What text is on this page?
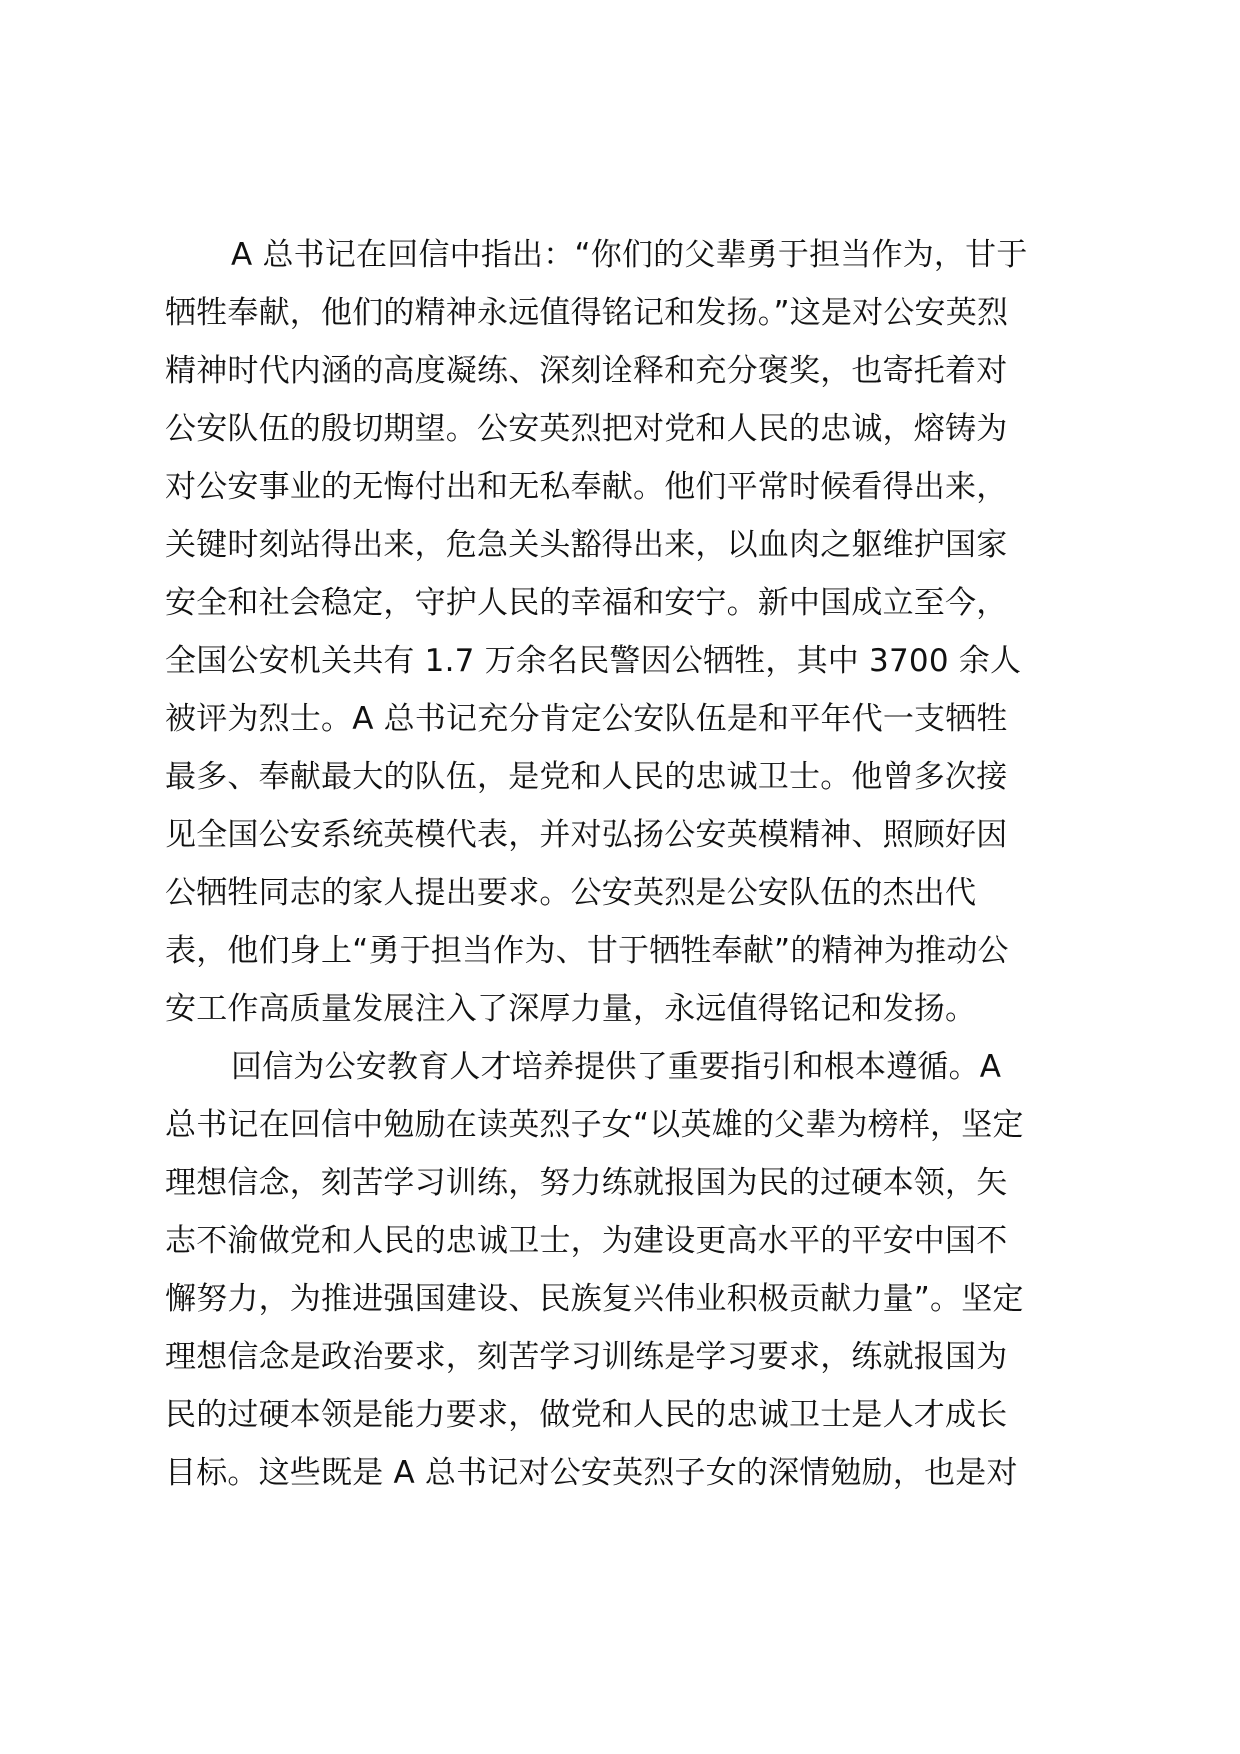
A 总书记在回信中指出：“你们的父辈勇于担当作为，甘于
牺牲奉献，他们的精神永远值得铭记和发扬。”这是对公安英烈
精神时代内涵的高度凝练、深刻诠释和充分褒奖，也寄托着对
公安队伍的殷切期望。公安英烈把对党和人民的忠诚，熔铸为
对公安事业的无悔付出和无私奉献。他们平常时候看得出来，
关键时刻站得出来，危急关头豁得出来，以血肉之躯维护国家
安全和社会稳定，守护人民的幸福和安宁。新中国成立至今，
全国公安机关共有 1.7 万余名民警因公牺牲，其中 3700 余人
被评为烈士。A 总书记充分肯定公安队伍是和平年代一支牺牲
最多、奉献最大的队伍，是党和人民的忠诚卫士。他曾多次接
见全国公安系统英模代表，并对弘扬公安英模精神、照顾好因
公牺牲同志的家人提出要求。公安英烈是公安队伍的杰出代
表，他们身上“勇于担当作为、甘于牺牲奉献”的精神为推动公
安工作高质量发展注入了深厚力量，永远值得铭记和发扬。
回信为公安教育人才培养提供了重要指引和根本遵循。A
总书记在回信中勉励在读英烈子女“以英雄的父辈为榜样，坚定
理想信念，刻苦学习训练，努力练就报国为民的过硬本领，矢
志不渝做党和人民的忠诚卫士，为建设更高水平的平安中国不
懈努力，为推进强国建设、民族复兴伟业积极贡献力量”。坚定
理想信念是政治要求，刻苦学习训练是学习要求，练就报国为
民的过硬本领是能力要求，做党和人民的忠诚卫士是人才成长
目标。这些既是 A 总书记对公安英烈子女的深情勉励，也是对
